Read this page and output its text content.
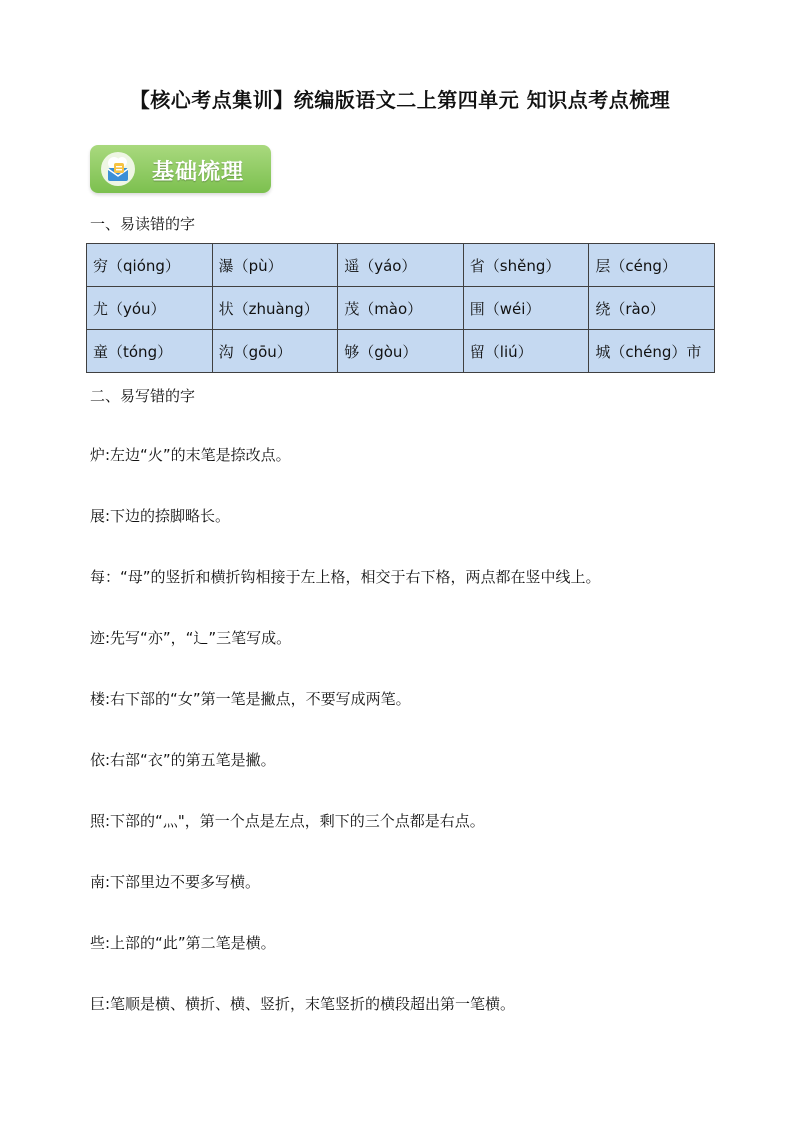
【核心考点集训】统编版语文二上第四单元 知识点考点梳理
基础梳理
一、易读错的字
穷（qióng）	瀑（pù）	遥（yáo）	省（shěng）	层（céng）
尤（yóu）	状（zhuàng）	茂（mào）	围（wéi）	绕（rào）
童（tóng）	沟（gōu）	够（gòu）	留（liú）	城（chéng）市
二、易写错的字
炉:左边“火”的末笔是捺改点。
展:下边的捺脚略长。
每：“母”的竖折和横折钩相接于左上格，相交于右下格，两点都在竖中线上。
迹:先写“亦”，“辶”三笔写成。
楼:右下部的“女”第一笔是撇点，不要写成两笔。
依:右部“衣”的第五笔是撇。
照:下部的“灬"，第一个点是左点，剩下的三个点都是右点。
南:下部里边不要多写横。
些:上部的“此”第二笔是横。
巨:笔顺是横、横折、横、竖折，末笔竖折的横段超出第一笔横。
